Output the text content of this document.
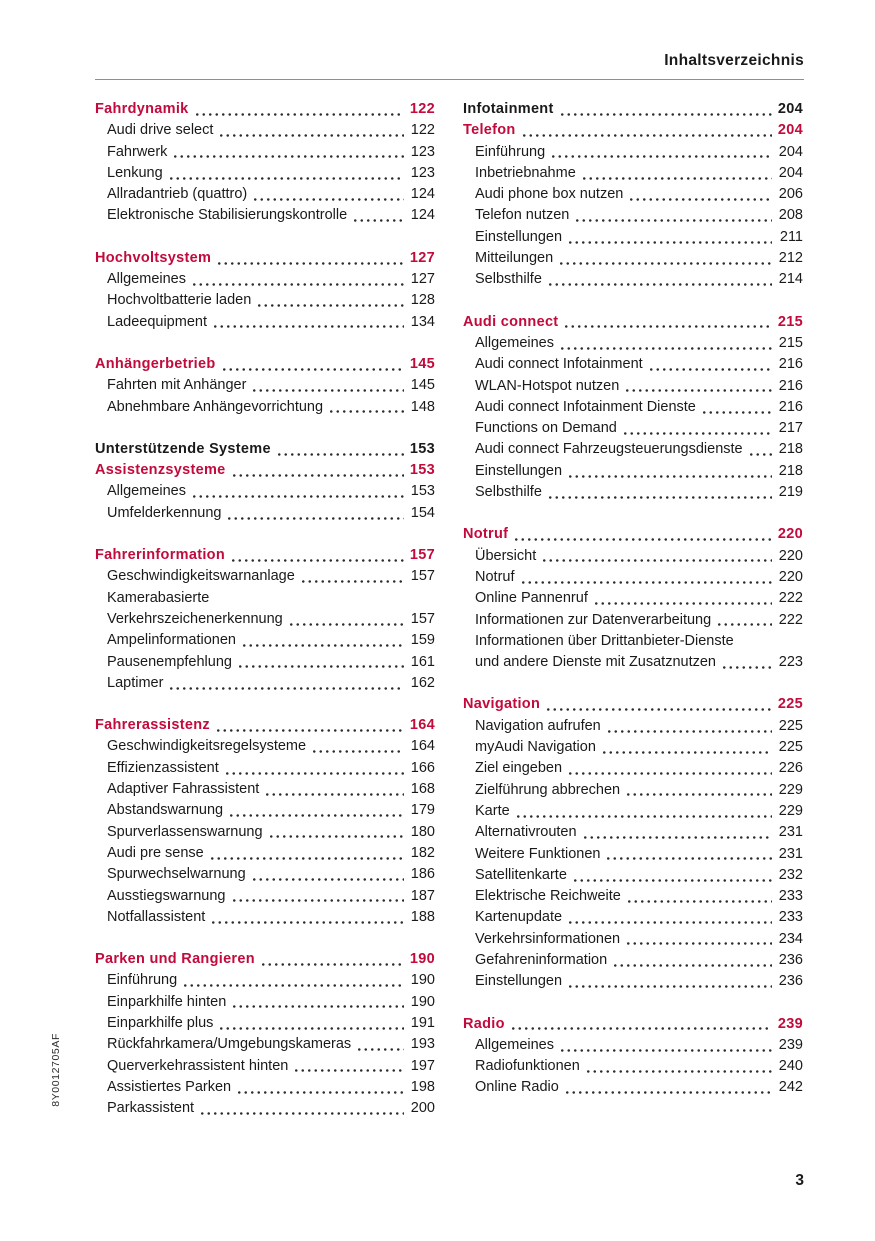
8Y0012705AF
Inhaltsverzeichnis
Fahrdynamik	122
Audi drive select	122
Fahrwerk	123
Lenkung	123
Allradantrieb (quattro)	124
Elektronische Stabilisierungskontrolle	124
Hochvoltsystem	127
Allgemeines	127
Hochvoltbatterie laden	128
Ladeequipment	134
Anhängerbetrieb	145
Fahrten mit Anhänger	145
Abnehmbare Anhängevorrichtung	148
Unterstützende Systeme	153
Assistenzsysteme	153
Allgemeines	153
Umfelderkennung	154
Fahrerinformation	157
Geschwindigkeitswarnanlage	157
Kamerabasierte
Verkehrszeichenerkennung	157
Ampelinformationen	159
Pausenempfehlung	161
Laptimer	162
Fahrerassistenz	164
Geschwindigkeitsregelsysteme	164
Effizienzassistent	166
Adaptiver Fahrassistent	168
Abstandswarnung	179
Spurverlassenswarnung	180
Audi pre sense	182
Spurwechselwarnung	186
Ausstiegswarnung	187
Notfallassistent	188
Parken und Rangieren	190
Einführung	190
Einparkhilfe hinten	190
Einparkhilfe plus	191
Rückfahrkamera/Umgebungskameras	193
Querverkehrassistent hinten	197
Assistiertes Parken	198
Parkassistent	200
Infotainment	204
Telefon	204
Einführung	204
Inbetriebnahme	204
Audi phone box nutzen	206
Telefon nutzen	208
Einstellungen	211
Mitteilungen	212
Selbsthilfe	214
Audi connect	215
Allgemeines	215
Audi connect Infotainment	216
WLAN-Hotspot nutzen	216
Audi connect Infotainment Dienste	216
Functions on Demand	217
Audi connect Fahrzeugsteuerungsdienste 218
Einstellungen	218
Selbsthilfe	219
Notruf	220
Übersicht	220
Notruf	220
Online Pannenruf	222
Informationen zur Datenverarbeitung	222
Informationen über Drittanbieter-Dienste
und andere Dienste mit Zusatznutzen	223
Navigation	225
Navigation aufrufen	225
myAudi Navigation	225
Ziel eingeben	226
Zielführung abbrechen	229
Karte	229
Alternativrouten	231
Weitere Funktionen	231
Satellitenkarte	232
Elektrische Reichweite	233
Kartenupdate	233
Verkehrsinformationen	234
Gefahreninformation	236
Einstellungen	236
Radio	239
Allgemeines	239
Radiofunktionen	240
Online Radio	242
3
